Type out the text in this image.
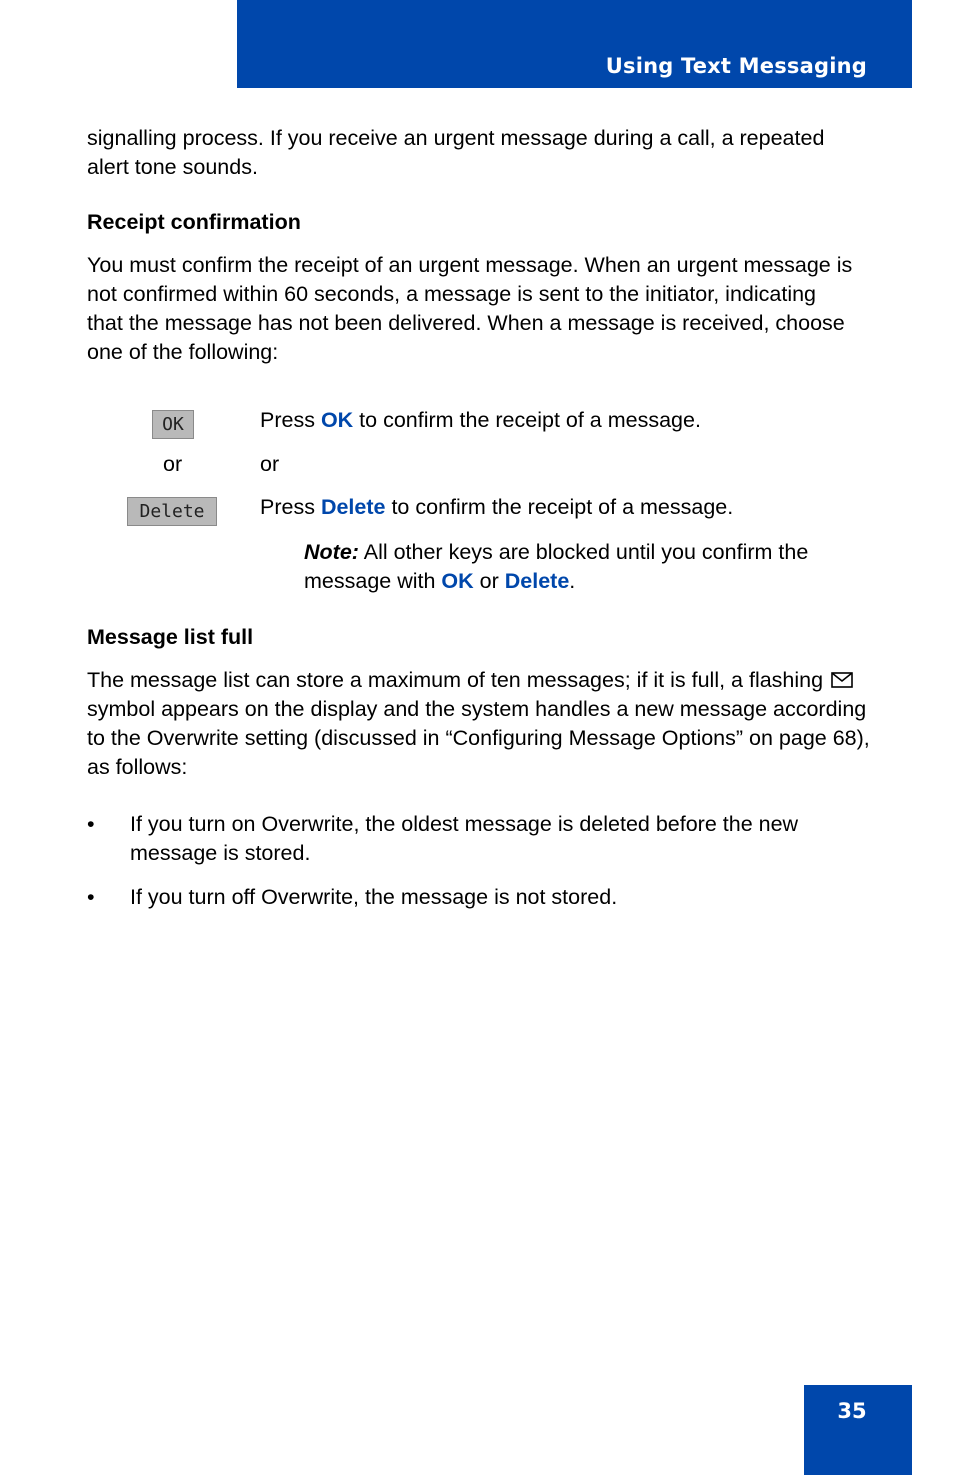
Using Text Messaging
signalling process. If you receive an urgent message during a call, a repeated alert tone sounds.
Receipt confirmation
You must confirm the receipt of an urgent message. When an urgent message is not confirmed within 60 seconds, a message is sent to the initiator, indicating that the message has not been delivered. When a message is received, choose one of the following:
OK	Press OK to confirm the receipt of a message.
or	or
Delete	Press Delete to confirm the receipt of a message.
Note: All other keys are blocked until you confirm the message with OK or Delete.
Message list full
The message list can store a maximum of ten messages; if it is full, a flashing  symbol appears on the display and the system handles a new message according to the Overwrite setting (discussed in “Configuring Message Options” on page 68), as follows:
• If you turn on Overwrite, the oldest message is deleted before the new message is stored.
• If you turn off Overwrite, the message is not stored.
35
